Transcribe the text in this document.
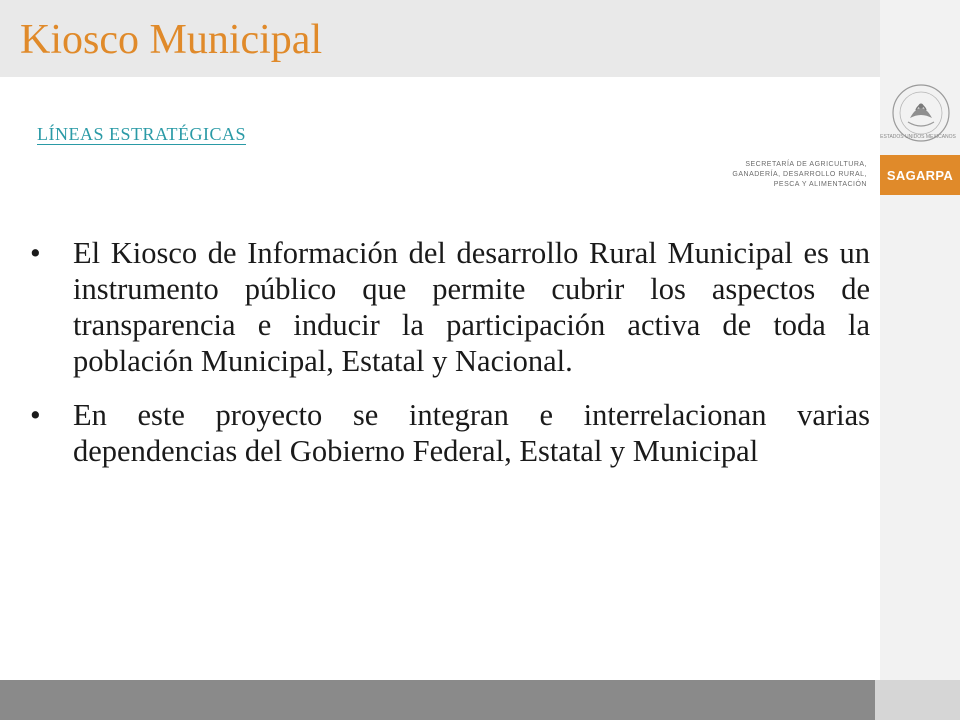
Kiosco Municipal
ESTADOS UNIDOS MEXICANOS
SECRETARÍA DE AGRICULTURA,
GANADERÍA, DESARROLLO RURAL,
PESCA Y ALIMENTACIÓN
SAGARPA
LÍNEAS ESTRATÉGICAS
• El Kiosco de Información del desarrollo Rural Municipal es un instrumento público que permite cubrir los aspectos de transparencia e inducir la participación activa de toda la población Municipal, Estatal y Nacional.
• En este proyecto se integran e interrelacionan varias dependencias del Gobierno Federal, Estatal y Municipal
